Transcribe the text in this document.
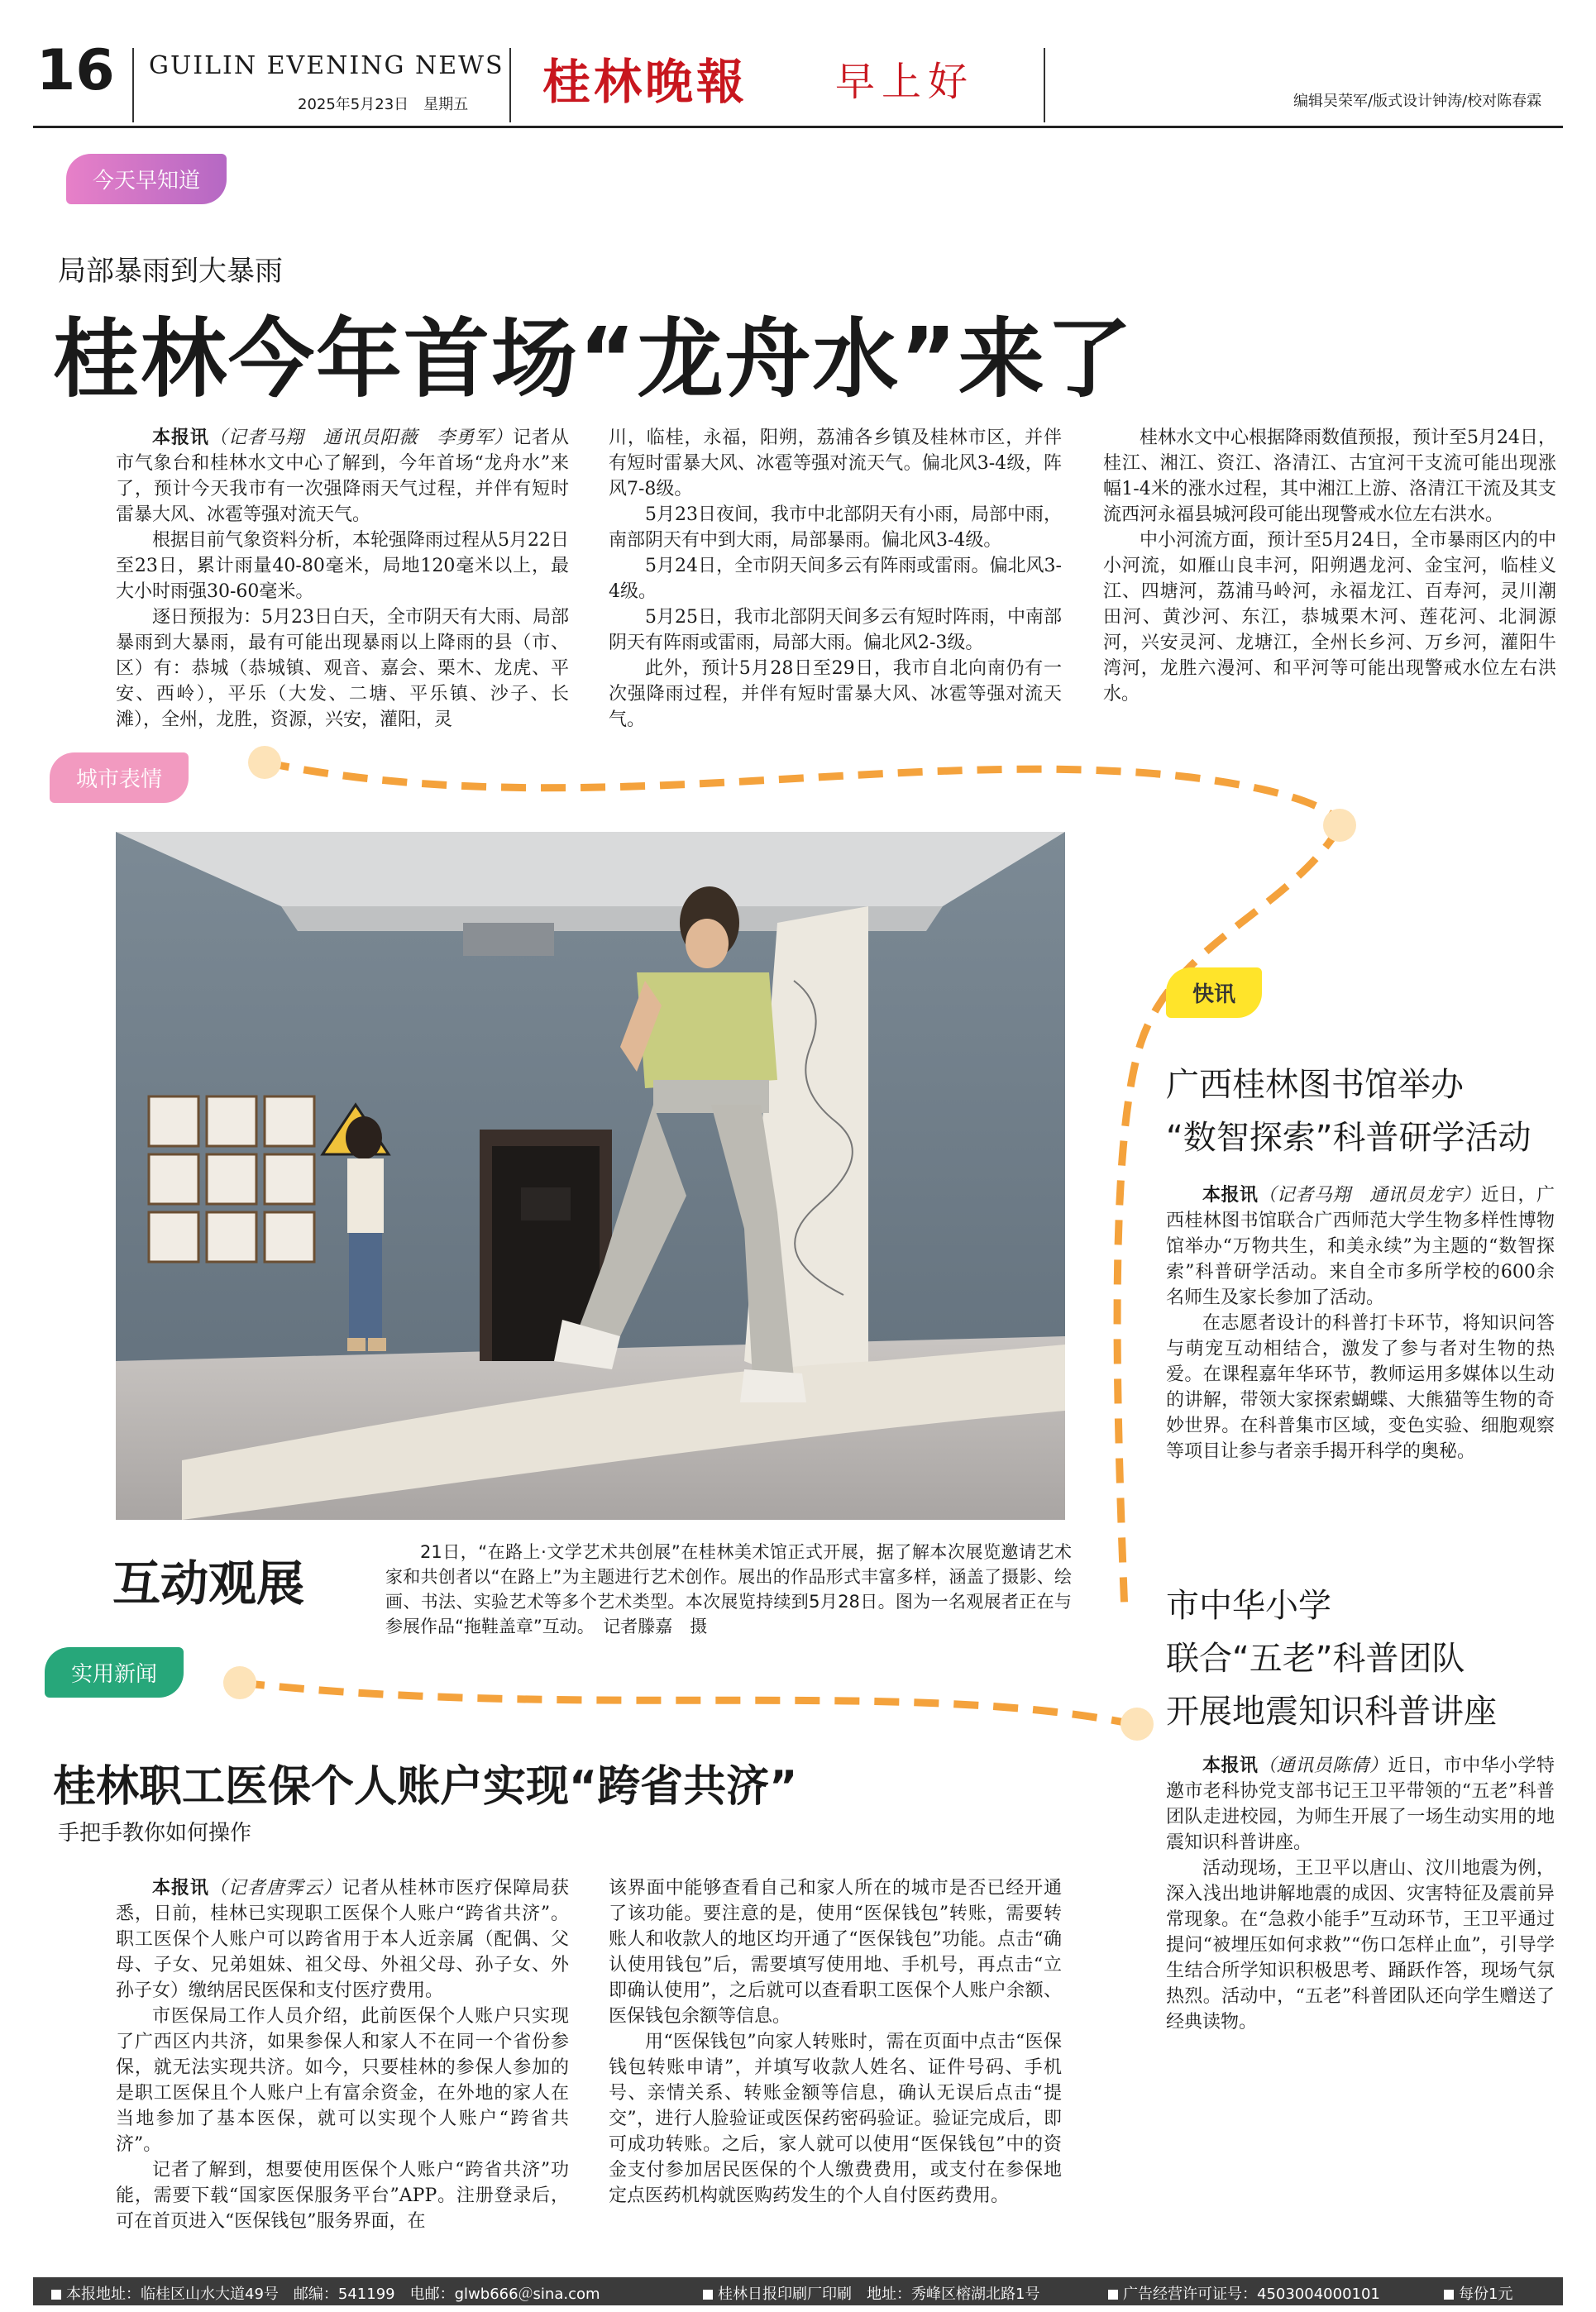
16 GUILIN EVENING NEWS
2025年5月23日　星期五 桂林晚報 早上好	编辑吴荣军/版式设计钟涛/校对陈春霖
今天早知道
城市表情
实用新闻
快讯
局部暴雨到大暴雨
桂林今年首场“龙舟水”来了

本报讯（记者马翔　通讯员阳薇　李勇军）记者从市气象台和桂林水文中心了解到，今年首场“龙舟水”来了，预计今天我市有一次强降雨天气过程，并伴有短时雷暴大风、冰雹等强对流天气。

根据目前气象资料分析，本轮强降雨过程从5月22日至23日，累计雨量40-80毫米，局地120毫米以上，最大小时雨强30-60毫米。

逐日预报为：5月23日白天，全市阴天有大雨、局部暴雨到大暴雨，最有可能出现暴雨以上降雨的县（市、区）有：恭城（恭城镇、观音、嘉会、栗木、龙虎、平安、西岭），平乐（大发、二塘、平乐镇、沙子、长滩），全州，龙胜，资源，兴安，灌阳，灵

川，临桂，永福，阳朔，荔浦各乡镇及桂林市区，并伴有短时雷暴大风、冰雹等强对流天气。偏北风3-4级，阵风7-8级。

5月23日夜间，我市中北部阴天有小雨，局部中雨，南部阴天有中到大雨，局部暴雨。偏北风3-4级。

5月24日，全市阴天间多云有阵雨或雷雨。偏北风3-4级。

5月25日，我市北部阴天间多云有短时阵雨，中南部阴天有阵雨或雷雨，局部大雨。偏北风2-3级。

此外，预计5月28日至29日，我市自北向南仍有一次强降雨过程，并伴有短时雷暴大风、冰雹等强对流天气。

桂林水文中心根据降雨数值预报，预计至5月24日，桂江、湘江、资江、洛清江、古宜河干支流可能出现涨幅1-4米的涨水过程，其中湘江上游、洛清江干流及其支流西河永福县城河段可能出现警戒水位左右洪水。

中小河流方面，预计至5月24日，全市暴雨区内的中小河流，如雁山良丰河，阳朔遇龙河、金宝河，临桂义江、四塘河，荔浦马岭河，永福龙江、百寿河，灵川潮田河、黄沙河、东江，恭城栗木河、莲花河、北洞源河，兴安灵河、龙塘江，全州长乡河、万乡河，灌阳牛湾河，龙胜六漫河、和平河等可能出现警戒水位左右洪水。

互动观展
21日，“在路上·文学艺术共创展”在桂林美术馆正式开展，据了解本次展览邀请艺术家和共创者以“在路上”为主题进行艺术创作。展出的作品形式丰富多样，涵盖了摄影、绘画、书法、实验艺术等多个艺术类型。本次展览持续到5月28日。图为一名观展者正在与参展作品“拖鞋盖章”互动。　记者滕嘉　摄
桂林职工医保个人账户实现“跨省共济”
手把手教你如何操作

本报讯（记者唐霁云）记者从桂林市医疗保障局获悉，日前，桂林已实现职工医保个人账户“跨省共济”。职工医保个人账户可以跨省用于本人近亲属（配偶、父母、子女、兄弟姐妹、祖父母、外祖父母、孙子女、外孙子女）缴纳居民医保和支付医疗费用。

市医保局工作人员介绍，此前医保个人账户只实现了广西区内共济，如果参保人和家人不在同一个省份参保，就无法实现共济。如今，只要桂林的参保人参加的是职工医保且个人账户上有富余资金，在外地的家人在当地参加了基本医保，就可以实现个人账户“跨省共济”。

记者了解到，想要使用医保个人账户“跨省共济”功能，需要下载“国家医保服务平台”APP。注册登录后，可在首页进入“医保钱包”服务界面，在

该界面中能够查看自己和家人所在的城市是否已经开通了该功能。要注意的是，使用“医保钱包”转账，需要转账人和收款人的地区均开通了“医保钱包”功能。点击“确认使用钱包”后，需要填写使用地、手机号，再点击“立即确认使用”，之后就可以查看职工医保个人账户余额、医保钱包余额等信息。

用“医保钱包”向家人转账时，需在页面中点击“医保钱包转账申请”，并填写收款人姓名、证件号码、手机号、亲情关系、转账金额等信息，确认无误后点击“提交”，进行人脸验证或医保药密码验证。验证完成后，即可成功转账。之后，家人就可以使用“医保钱包”中的资金支付参加居民医保的个人缴费费用，或支付在参保地定点医药机构就医购药发生的个人自付医药费用。

广西桂林图书馆举办
“数智探索”科普研学活动

本报讯（记者马翔　通讯员龙宇）近日，广西桂林图书馆联合广西师范大学生物多样性博物馆举办“万物共生，和美永续”为主题的“数智探索”科普研学活动。来自全市多所学校的600余名师生及家长参加了活动。

在志愿者设计的科普打卡环节，将知识问答与萌宠互动相结合，激发了参与者对生物的热爱。在课程嘉年华环节，教师运用多媒体以生动的讲解，带领大家探索蝴蝶、大熊猫等生物的奇妙世界。在科普集市区域，变色实验、细胞观察等项目让参与者亲手揭开科学的奥秘。

市中华小学
联合“五老”科普团队
开展地震知识科普讲座

本报讯（通讯员陈倩）近日，市中华小学特邀市老科协党支部书记王卫平带领的“五老”科普团队走进校园，为师生开展了一场生动实用的地震知识科普讲座。

活动现场，王卫平以唐山、汶川地震为例，深入浅出地讲解地震的成因、灾害特征及震前异常现象。在“急救小能手”互动环节，王卫平通过提问“被埋压如何求救”“伤口怎样止血”，引导学生结合所学知识积极思考、踊跃作答，现场气氛热烈。活动中，“五老”科普团队还向学生赠送了经典读物。

本报地址：临桂区山水大道49号　邮编：541199　电邮：glwb666＠sina.com	桂林日报印刷厂印刷　地址：秀峰区榕湖北路1号	广告经营许可证号：4503004000101	每份1元
